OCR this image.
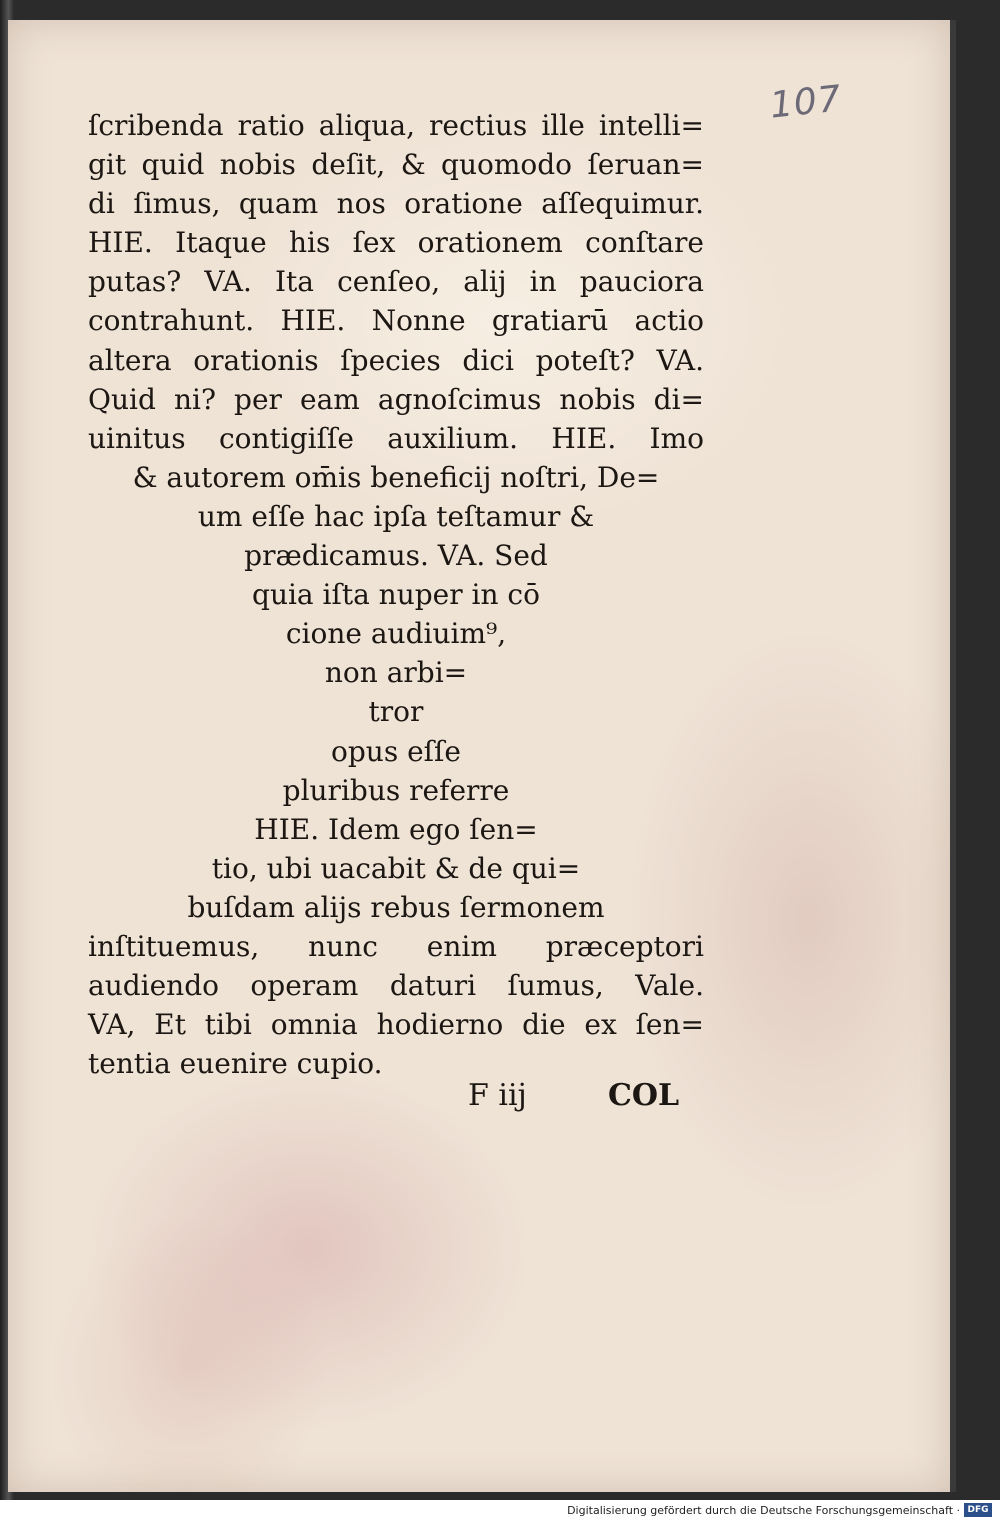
107
ſcribenda ratio aliqua, rectius ille intelli=
git quid nobis deſit, & quomodo ſeruan=
di ſimus, quam nos oratione aſſequimur.
HIE. Itaque his ſex orationem conſtare
putas? VA. Ita cenſeo, alij in pauciora
contrahunt. HIE. Nonne gratiarū actio
altera orationis ſpecies dici poteſt? VA.
Quid ni? per eam agnoſcimus nobis di=
uinitus contigiſſe auxilium. HIE. Imo
& autorem om̄is beneficij noſtri, De=
um eſſe hac ipſa teſtamur &
prædicamus. VA. Sed
quia iſta nuper in cō
cione audiuim⁹,
non arbi=
tror
opus eſſe
pluribus referre
HIE. Idem ego ſen=
tio, ubi uacabit & de qui=
buſdam alijs rebus ſermonem
inſtituemus, nunc enim præceptori
audiendo operam daturi ſumus, Vale.
VA, Et tibi omnia hodierno die ex ſen=
tentia euenire cupio.
F iij	COL
Digitalisierung gefördert durch die Deutsche Forschungsgemeinschaft · DFG
